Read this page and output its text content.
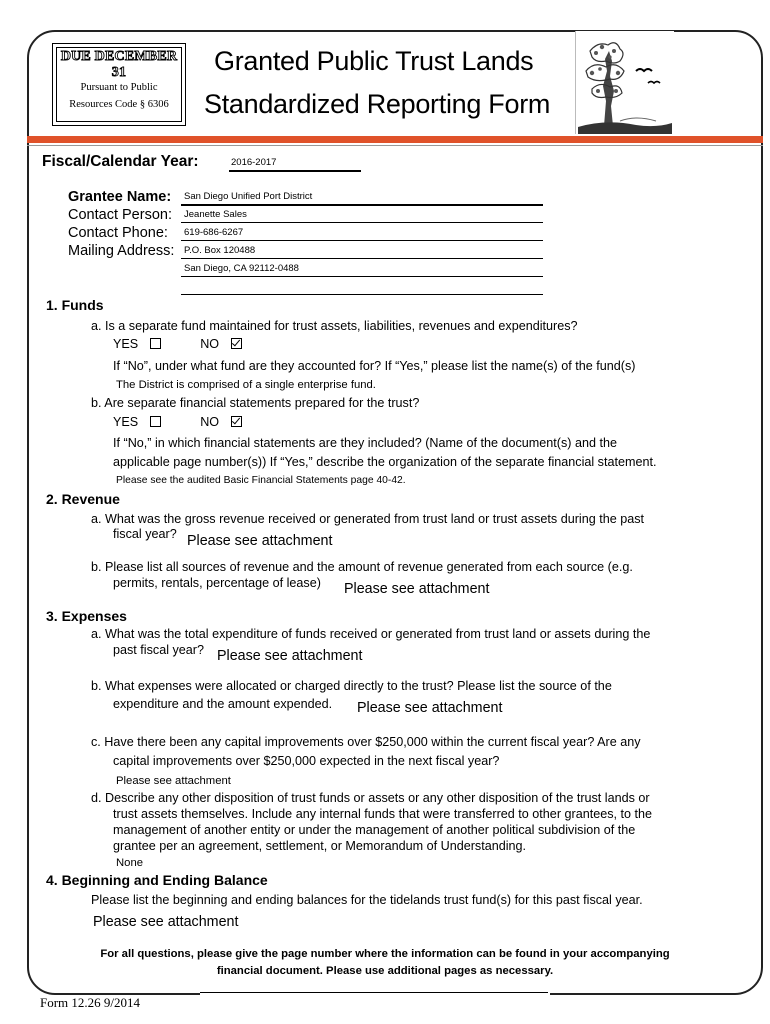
DUE DECEMBER 31
Pursuant to Public
Resources Code § 6306
Granted Public Trust Lands
Standardized Reporting Form
Fiscal/Calendar Year:	2016-2017
Grantee Name: San Diego Unified Port District
Contact Person: Jeanette Sales
Contact Phone: 619-686-6267
Mailing Address: P.O. Box 120488
San Diego, CA 92112-0488
1. Funds
a. Is a separate fund maintained for trust assets, liabilities, revenues and expenditures?
YES	NO
If “No”, under what fund are they accounted for? If “Yes,” please list the name(s) of the fund(s)
The District is comprised of a single enterprise fund.
b. Are separate financial statements prepared for the trust?
YES	NO
If “No,” in which financial statements are they included? (Name of the document(s) and the
applicable page number(s)) If “Yes,” describe the organization of the separate financial statement.
Please see the audited Basic Financial Statements page 40-42.
2. Revenue
a. What was the gross revenue received or generated from trust land or trust assets during the past
fiscal year? Please see attachment
b. Please list all sources of revenue and the amount of revenue generated from each source (e.g.
permits, rentals, percentage of lease) Please see attachment
3. Expenses
a. What was the total expenditure of funds received or generated from trust land or assets during the
past fiscal year? Please see attachment
b. What expenses were allocated or charged directly to the trust? Please list the source of the
expenditure and the amount expended. Please see attachment
c. Have there been any capital improvements over $250,000 within the current fiscal year? Are any
capital improvements over $250,000 expected in the next fiscal year?
Please see attachment
d. Describe any other disposition of trust funds or assets or any other disposition of the trust lands or
trust assets themselves. Include any internal funds that were transferred to other grantees, to the
management of another entity or under the management of another political subdivision of the
grantee per an agreement, settlement, or Memorandum of Understanding.
None
4. Beginning and Ending Balance
Please list the beginning and ending balances for the tidelands trust fund(s) for this past fiscal year.
Please see attachment
For all questions, please give the page number where the information can be found in your accompanying
financial document. Please use additional pages as necessary.
Form 12.26 9/2014
